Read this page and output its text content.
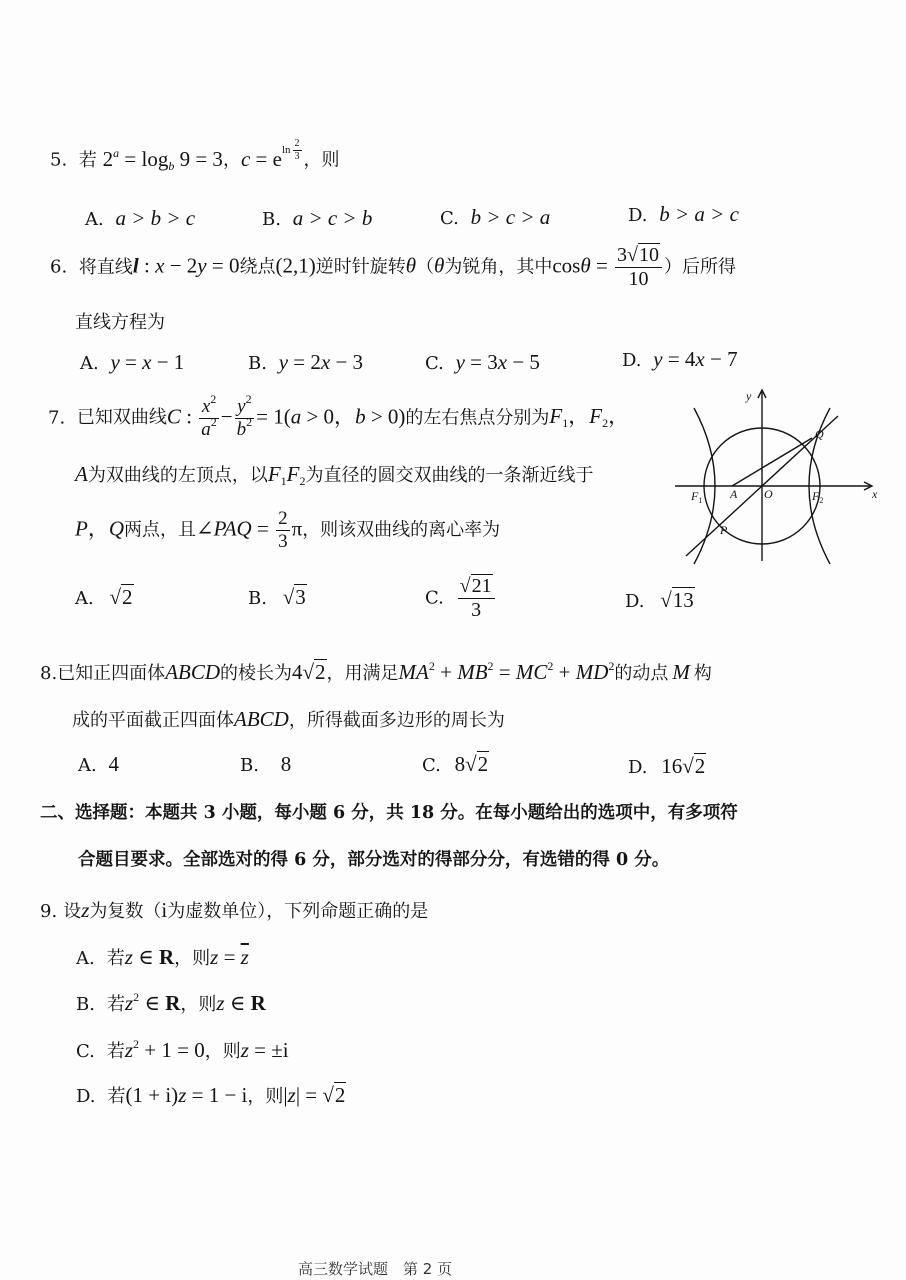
5. 若 $2^a = \log_b 9 = 3$，$c = e^{ln \frac{2}{3}}$ ，则
A. a > b > c	B. a > c > b	C. b > c > a	D. b > a > c
6. 将直线l : x − 2y = 0绕点(2,1)逆时针旋转θ（θ为锐角，其中$\cos\theta = \frac{3√10}{10}$ ）后所得
直线方程为
A. y = x − 1	B. y = 2x − 3	C. y = 3x − 5	D. y = 4x − 7
7. 已知双曲线C : $\frac{x^2}{a^2} - \frac{y^2}{b^2} = 1(a > 0$，b > 0)的左右焦点分别为$F_1$，$F_2$，
A为双曲线的左顶点，以$F_1F_2$为直径的圆交双曲线的一条渐近线于
P，Q两点，且∠PAQ = $\frac{2}{3}$ π，则该双曲线的离心率为
y
x
Q
$F_1$ A O	$F_2$
P
A. √2	B. √3	C. $\frac{√21}{3}$	D. √13
8.已知正四面体ABCD的棱长为4√2，用满足$MA^2 + MB^2 = MC^2 + MD^2$的动点 M 构
成的平面截正四面体ABCD，所得截面多边形的周长为
A. 4	B. 8	C. 8√2	D. 16√2
二、选择题：本题共 3 小题，每小题 6 分，共 18 分。在每小题给出的选项中，有多项符
合题目要求。全部选对的得 6 分，部分选对的得部分分，有选错的得 0 分。
9. 设z为复数（i为虚数单位），下列命题正确的是
A. 若z ∈ R，则$z = \overline{z}$
B. 若$z^2$ ∈ R，则z ∈ R
C. 若$z^2 + 1 = 0$，则z = ±i
D. 若(1 + i)z = 1 − i，则|z| = √2
高三数学试题　第 2 页
